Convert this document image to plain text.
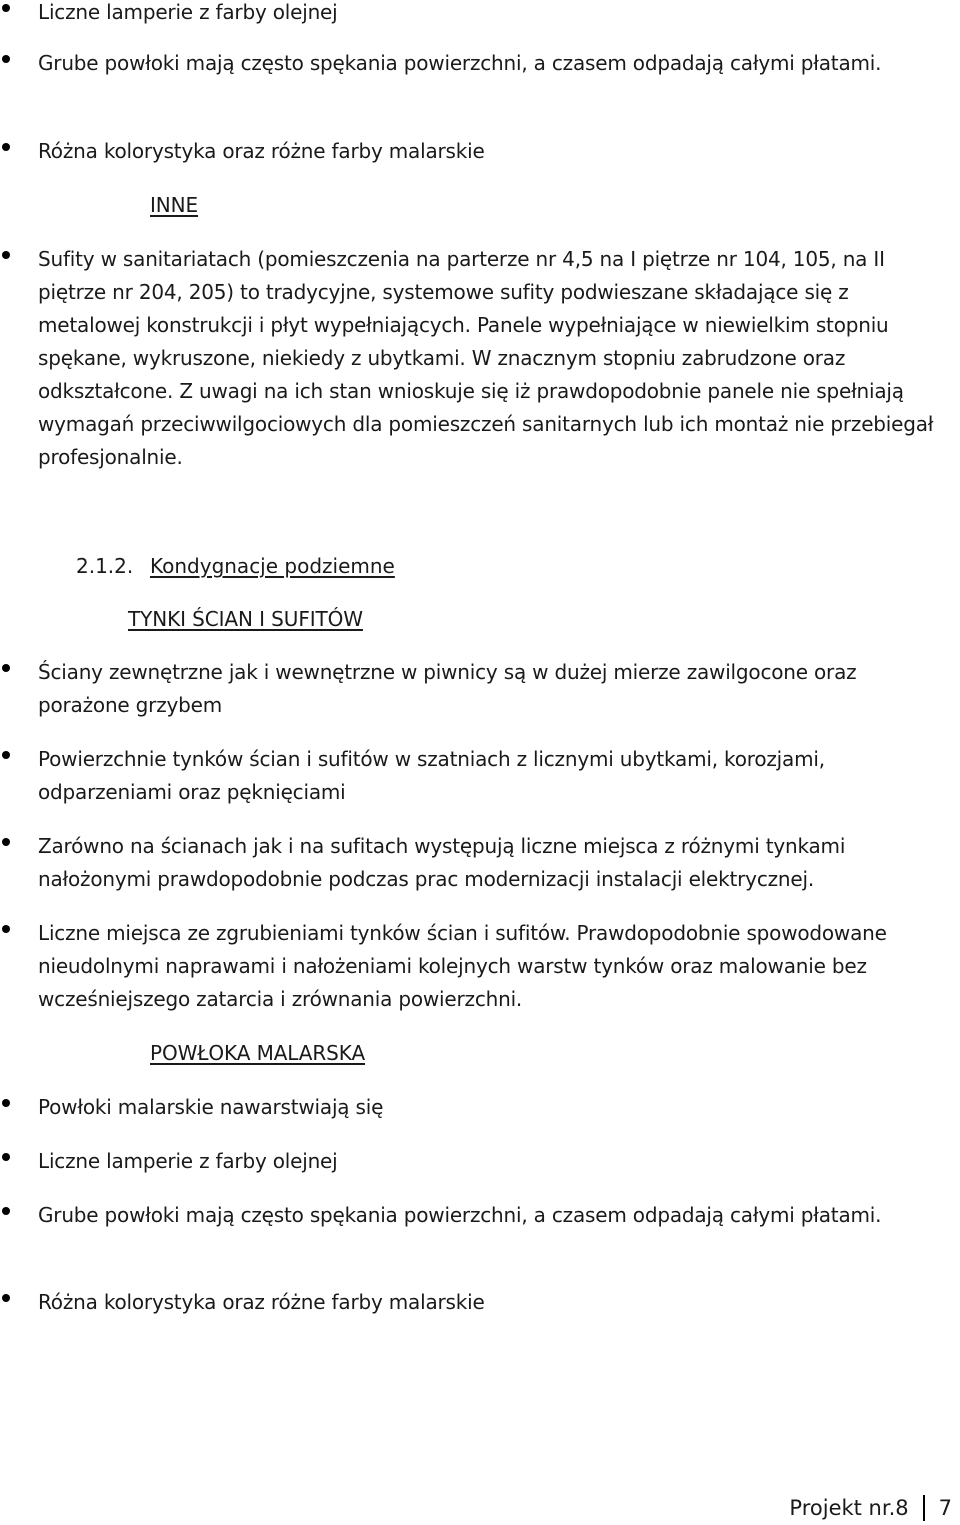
Liczne lamperie z farby olejnej
Grube powłoki mają często spękania powierzchni, a czasem odpadają całymi płatami.
Różna kolorystyka oraz różne farby malarskie
INNE
Sufity w sanitariatach (pomieszczenia na parterze nr 4,5 na I piętrze nr 104, 105, na II piętrze nr 204, 205) to tradycyjne, systemowe sufity podwieszane składające się z metalowej konstrukcji i płyt wypełniających. Panele wypełniające w niewielkim stopniu spękane, wykruszone, niekiedy z ubytkami. W znacznym stopniu zabrudzone oraz odkształcone. Z uwagi na ich stan wnioskuje się iż prawdopodobnie panele nie spełniają wymagań przeciwwilgociowych dla pomieszczeń sanitarnych lub ich montaż nie przebiegał profesjonalnie.
2.1.2. Kondygnacje podziemne
TYNKI ŚCIAN I SUFITÓW
Ściany zewnętrzne jak i wewnętrzne w piwnicy są w dużej mierze zawilgocone oraz porażone grzybem
Powierzchnie tynków ścian i sufitów w szatniach z licznymi ubytkami, korozjami, odparzeniami oraz pęknięciami
Zarówno na ścianach jak i na sufitach występują liczne miejsca z różnymi tynkami nałożonymi prawdopodobnie podczas prac modernizacji instalacji elektrycznej.
Liczne miejsca ze zgrubieniami tynków ścian i sufitów. Prawdopodobnie spowodowane nieudolnymi naprawami i nałożeniami kolejnych warstw tynków oraz malowanie bez wcześniejszego zatarcia i zrównania powierzchni.
POWŁOKA MALARSKA
Powłoki malarskie nawarstwiają się
Liczne lamperie z farby olejnej
Grube powłoki mają często spękania powierzchni, a czasem odpadają całymi płatami.
Różna kolorystyka oraz różne farby malarskie
Projekt nr.8 7
